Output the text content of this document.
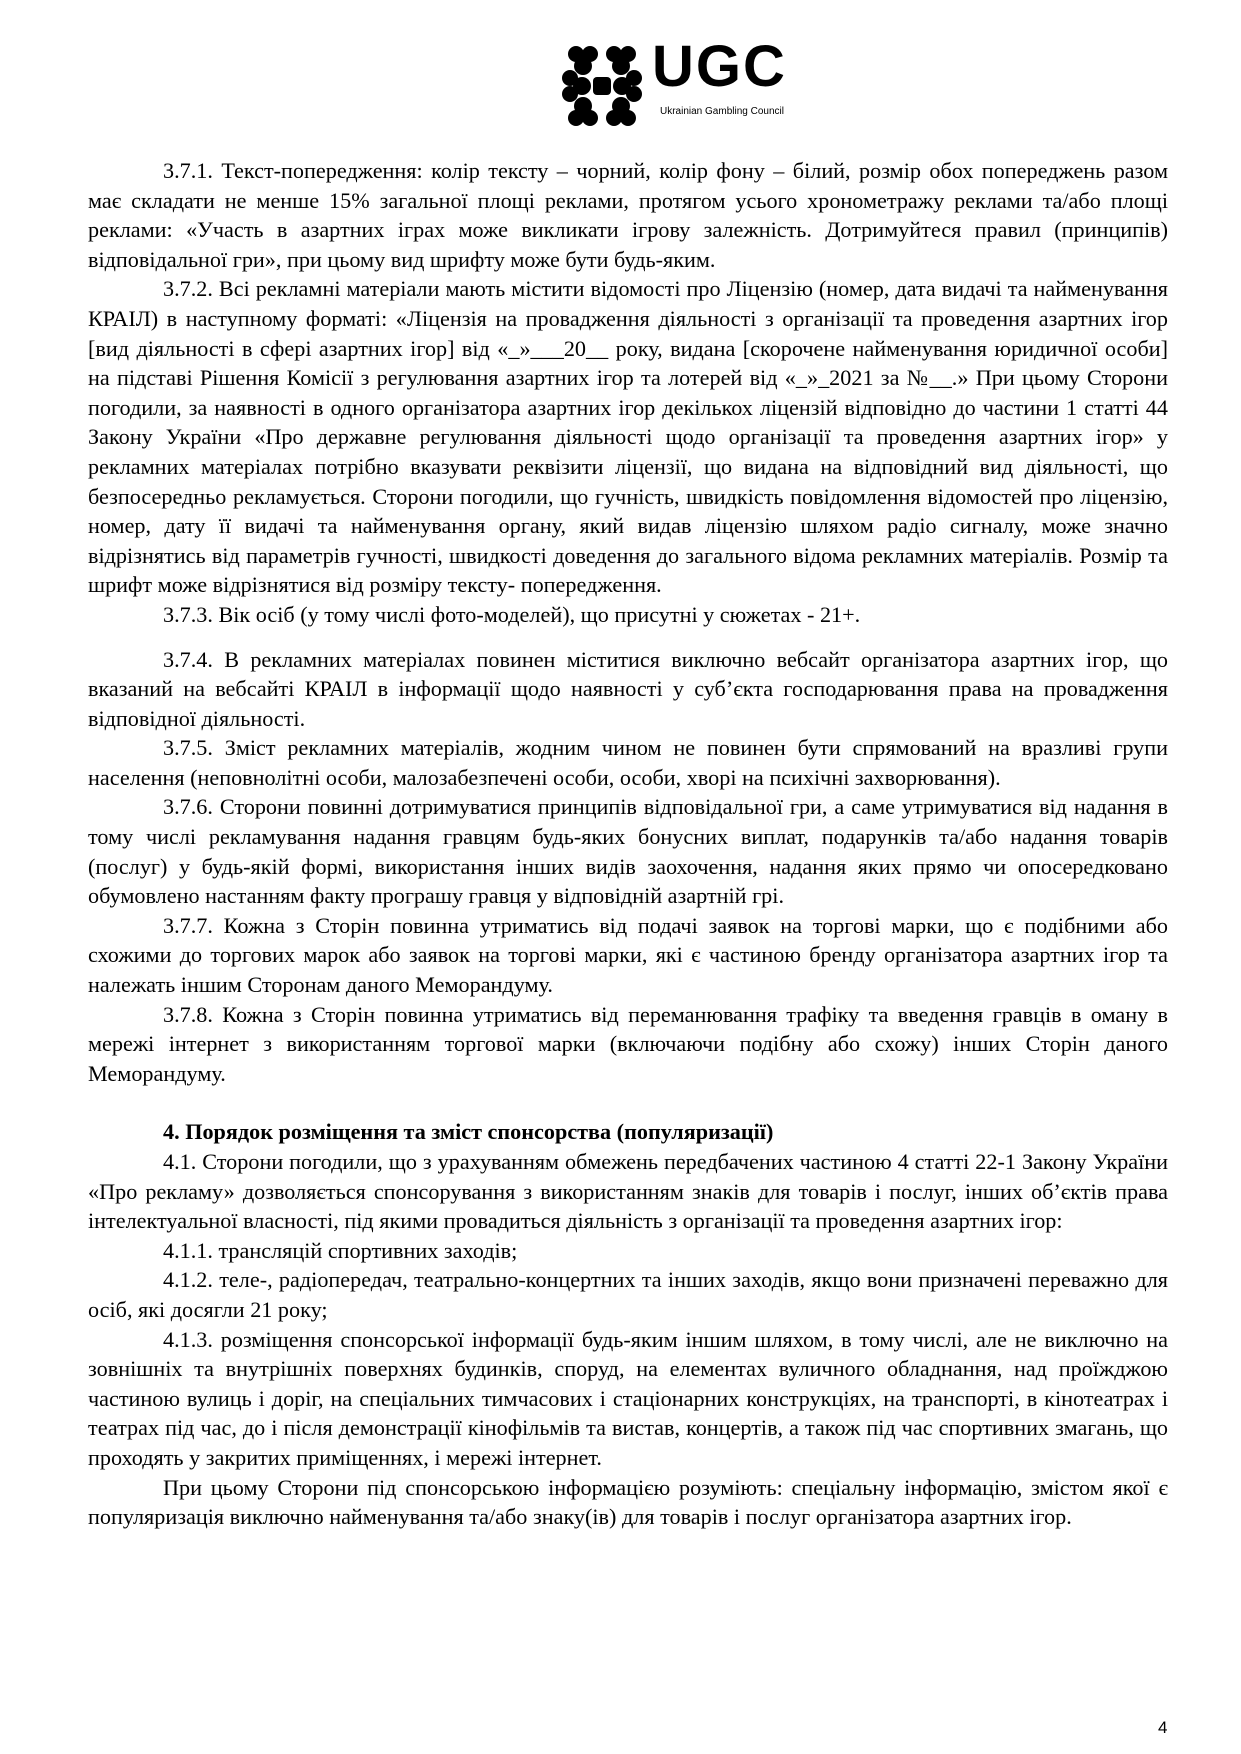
UGC
Ukrainian Gambling Council

3.7.1. Текст-попередження: колір тексту – чорний, колір фону – білий, розмір обох попереджень разом має складати не менше 15% загальної площі реклами, протягом усього хронометражу реклами та/або площі реклами: «Участь в азартних іграх може викликати ігрову залежність. Дотримуйтеся правил (принципів) відповідальної гри», при цьому вид шрифту може бути будь-яким.

3.7.2. Всі рекламні матеріали мають містити відомості про Ліцензію (номер, дата видачі та найменування КРАІЛ) в наступному форматі: «Ліцензія на провадження діяльності з організації та проведення азартних ігор [вид діяльності в сфері азартних ігор] від «_»___20__ року, видана [скорочене найменування юридичної особи] на підставі Рішення Комісії з регулювання азартних ігор та лотерей від «_»_2021 за №__.» При цьому Сторони погодили, за наявності в одного організатора азартних ігор декількох ліцензій відповідно до частини 1 статті 44 Закону України «Про державне регулювання діяльності щодо організації та проведення азартних ігор» у рекламних матеріалах потрібно вказувати реквізити ліцензії, що видана на відповідний вид діяльності, що безпосередньо рекламується. Сторони погодили, що гучність, швидкість повідомлення відомостей про ліцензію, номер, дату її видачі та найменування органу, який видав ліцензію шляхом радіо сигналу, може значно відрізнятись від параметрів гучності, швидкості доведення до загального відома рекламних матеріалів. Розмір та шрифт може відрізнятися від розміру тексту- попередження.

3.7.3. Вік осіб (у тому числі фото-моделей), що присутні у сюжетах - 21+.

3.7.4. В рекламних матеріалах повинен міститися виключно вебсайт організатора азартних ігор, що вказаний на вебсайті КРАІЛ в інформації щодо наявності у суб’єкта господарювання права на провадження відповідної діяльності.

3.7.5. Зміст рекламних матеріалів, жодним чином не повинен бути спрямований на вразливі групи населення (неповнолітні особи, малозабезпечені особи, особи, хворі на психічні захворювання).

3.7.6. Сторони повинні дотримуватися принципів відповідальної гри, а саме утримуватися від надання в тому числі рекламування надання гравцям будь-яких бонусних виплат, подарунків та/або надання товарів (послуг) у будь-якій формі, використання інших видів заохочення, надання яких прямо чи опосередковано обумовлено настанням факту програшу гравця у відповідній азартній грі.

3.7.7. Кожна з Сторін повинна утриматись від подачі заявок на торгові марки, що є подібними або схожими до торгових марок або заявок на торгові марки, які є частиною бренду організатора азартних ігор та належать іншим Сторонам даного Меморандуму.

3.7.8. Кожна з Сторін повинна утриматись від переманювання трафіку та введення гравців в оману в мережі інтернет з використанням торгової марки (включаючи подібну або схожу) інших Сторін даного Меморандуму.

4. Порядок розміщення та зміст спонсорства (популяризації)

4.1. Сторони погодили, що з урахуванням обмежень передбачених частиною 4 статті 22-1 Закону України «Про рекламу» дозволяється спонсорування з використанням знаків для товарів і послуг, інших об’єктів права інтелектуальної власності, під якими провадиться діяльність з організації та проведення азартних ігор:

4.1.1. трансляцій спортивних заходів;

4.1.2. теле-, радіопередач, театрально-концертних та інших заходів, якщо вони призначені переважно для осіб, які досягли 21 року;

4.1.3. розміщення спонсорської інформації будь-яким іншим шляхом, в тому числі, але не виключно на зовнішніх та внутрішніх поверхнях будинків, споруд, на елементах вуличного обладнання, над проїжджою частиною вулиць і доріг, на спеціальних тимчасових і стаціонарних конструкціях, на транспорті, в кінотеатрах і театрах під час, до і після демонстрації кінофільмів та вистав, концертів, а також під час спортивних змагань, що проходять у закритих приміщеннях, і мережі інтернет.

При цьому Сторони під спонсорською інформацією розуміють: спеціальну інформацію, змістом якої є популяризація виключно найменування та/або знаку(ів) для товарів і послуг організатора азартних ігор.

4
